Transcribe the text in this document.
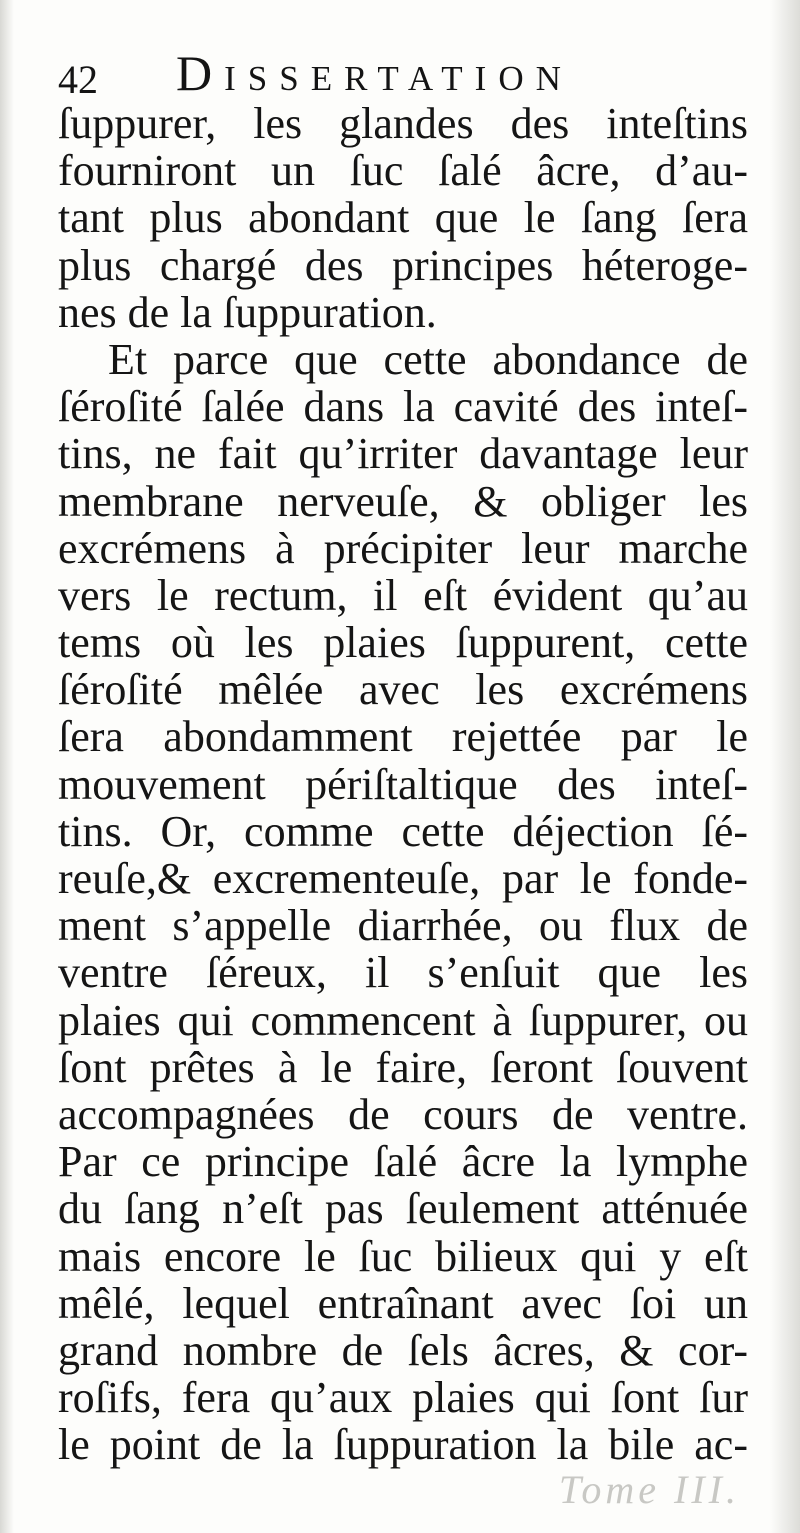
42 Dissertation
ſuppurer, les glandes des inteſtins
fourniront un ſuc ſalé âcre, d’au-
tant plus abondant que le ſang ſera
plus chargé des principes héteroge-
nes de la ſuppuration.
Et parce que cette abondance de
ſéroſité ſalée dans la cavité des inteſ-
tins, ne fait qu’irriter davantage leur
membrane nerveuſe, & obliger les
excrémens à précipiter leur marche
vers le rectum, il eſt évident qu’au
tems où les plaies ſuppurent, cette
ſéroſité mêlée avec les excrémens
ſera abondamment rejettée par le
mouvement périſtaltique des inteſ-
tins. Or, comme cette déjection ſé-
reuſe,& excrementeuſe, par le fonde-
ment s’appelle diarrhée, ou flux de
ventre ſéreux, il s’enſuit que les
plaies qui commencent à ſuppurer, ou
ſont prêtes à le faire, ſeront ſouvent
accompagnées de cours de ventre.
Par ce principe ſalé âcre la lymphe
du ſang n’eſt pas ſeulement atténuée
mais encore le ſuc bilieux qui y eſt
mêlé, lequel entraînant avec ſoi un
grand nombre de ſels âcres, & cor-
roſifs, fera qu’aux plaies qui ſont ſur
le point de la ſuppuration la bile ac-
Tome III.
